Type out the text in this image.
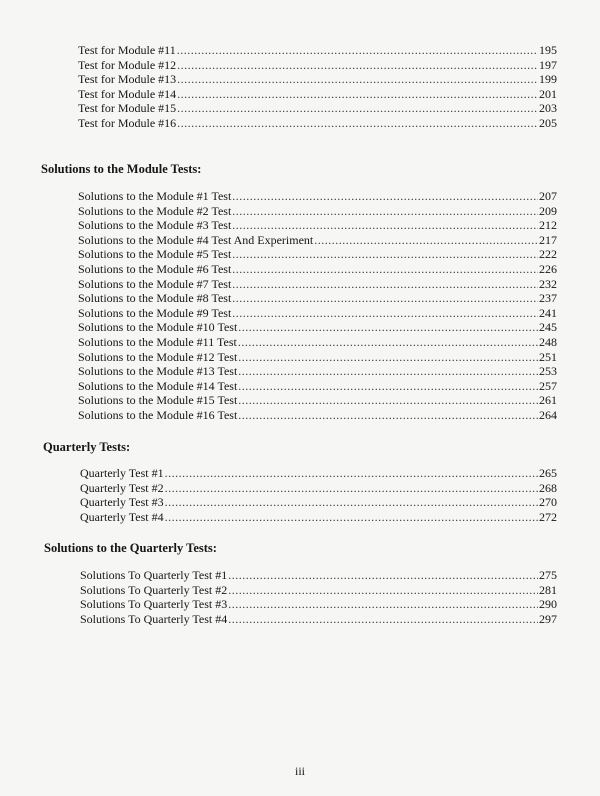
Test for Module #11 .....	195
Test for Module #12 .....	197
Test for Module #13 .....	199
Test for Module #14 .....	201
Test for Module #15 .....	203
Test for Module #16 .....	205
Solutions to the Module Tests:
Solutions to the Module #1 Test .....	207
Solutions to the Module #2 Test .....	209
Solutions to the Module #3 Test .....	212
Solutions to the Module #4 Test And Experiment .....	217
Solutions to the Module #5 Test .....	222
Solutions to the Module #6 Test .....	226
Solutions to the Module #7 Test .....	232
Solutions to the Module #8 Test .....	237
Solutions to the Module #9 Test .....	241
Solutions to the Module #10 Test .....	245
Solutions to the Module #11 Test .....	248
Solutions to the Module #12 Test .....	251
Solutions to the Module #13 Test .....	253
Solutions to the Module #14 Test .....	257
Solutions to the Module #15 Test .....	261
Solutions to the Module #16 Test .....	264
Quarterly Tests:
Quarterly Test #1 .....	265
Quarterly Test #2 .....	268
Quarterly Test #3 .....	270
Quarterly Test #4 .....	272
Solutions to the Quarterly Tests:
Solutions To Quarterly Test #1 .....	275
Solutions To Quarterly Test #2 .....	281
Solutions To Quarterly Test #3 .....	290
Solutions To Quarterly Test #4 .....	297
iii
